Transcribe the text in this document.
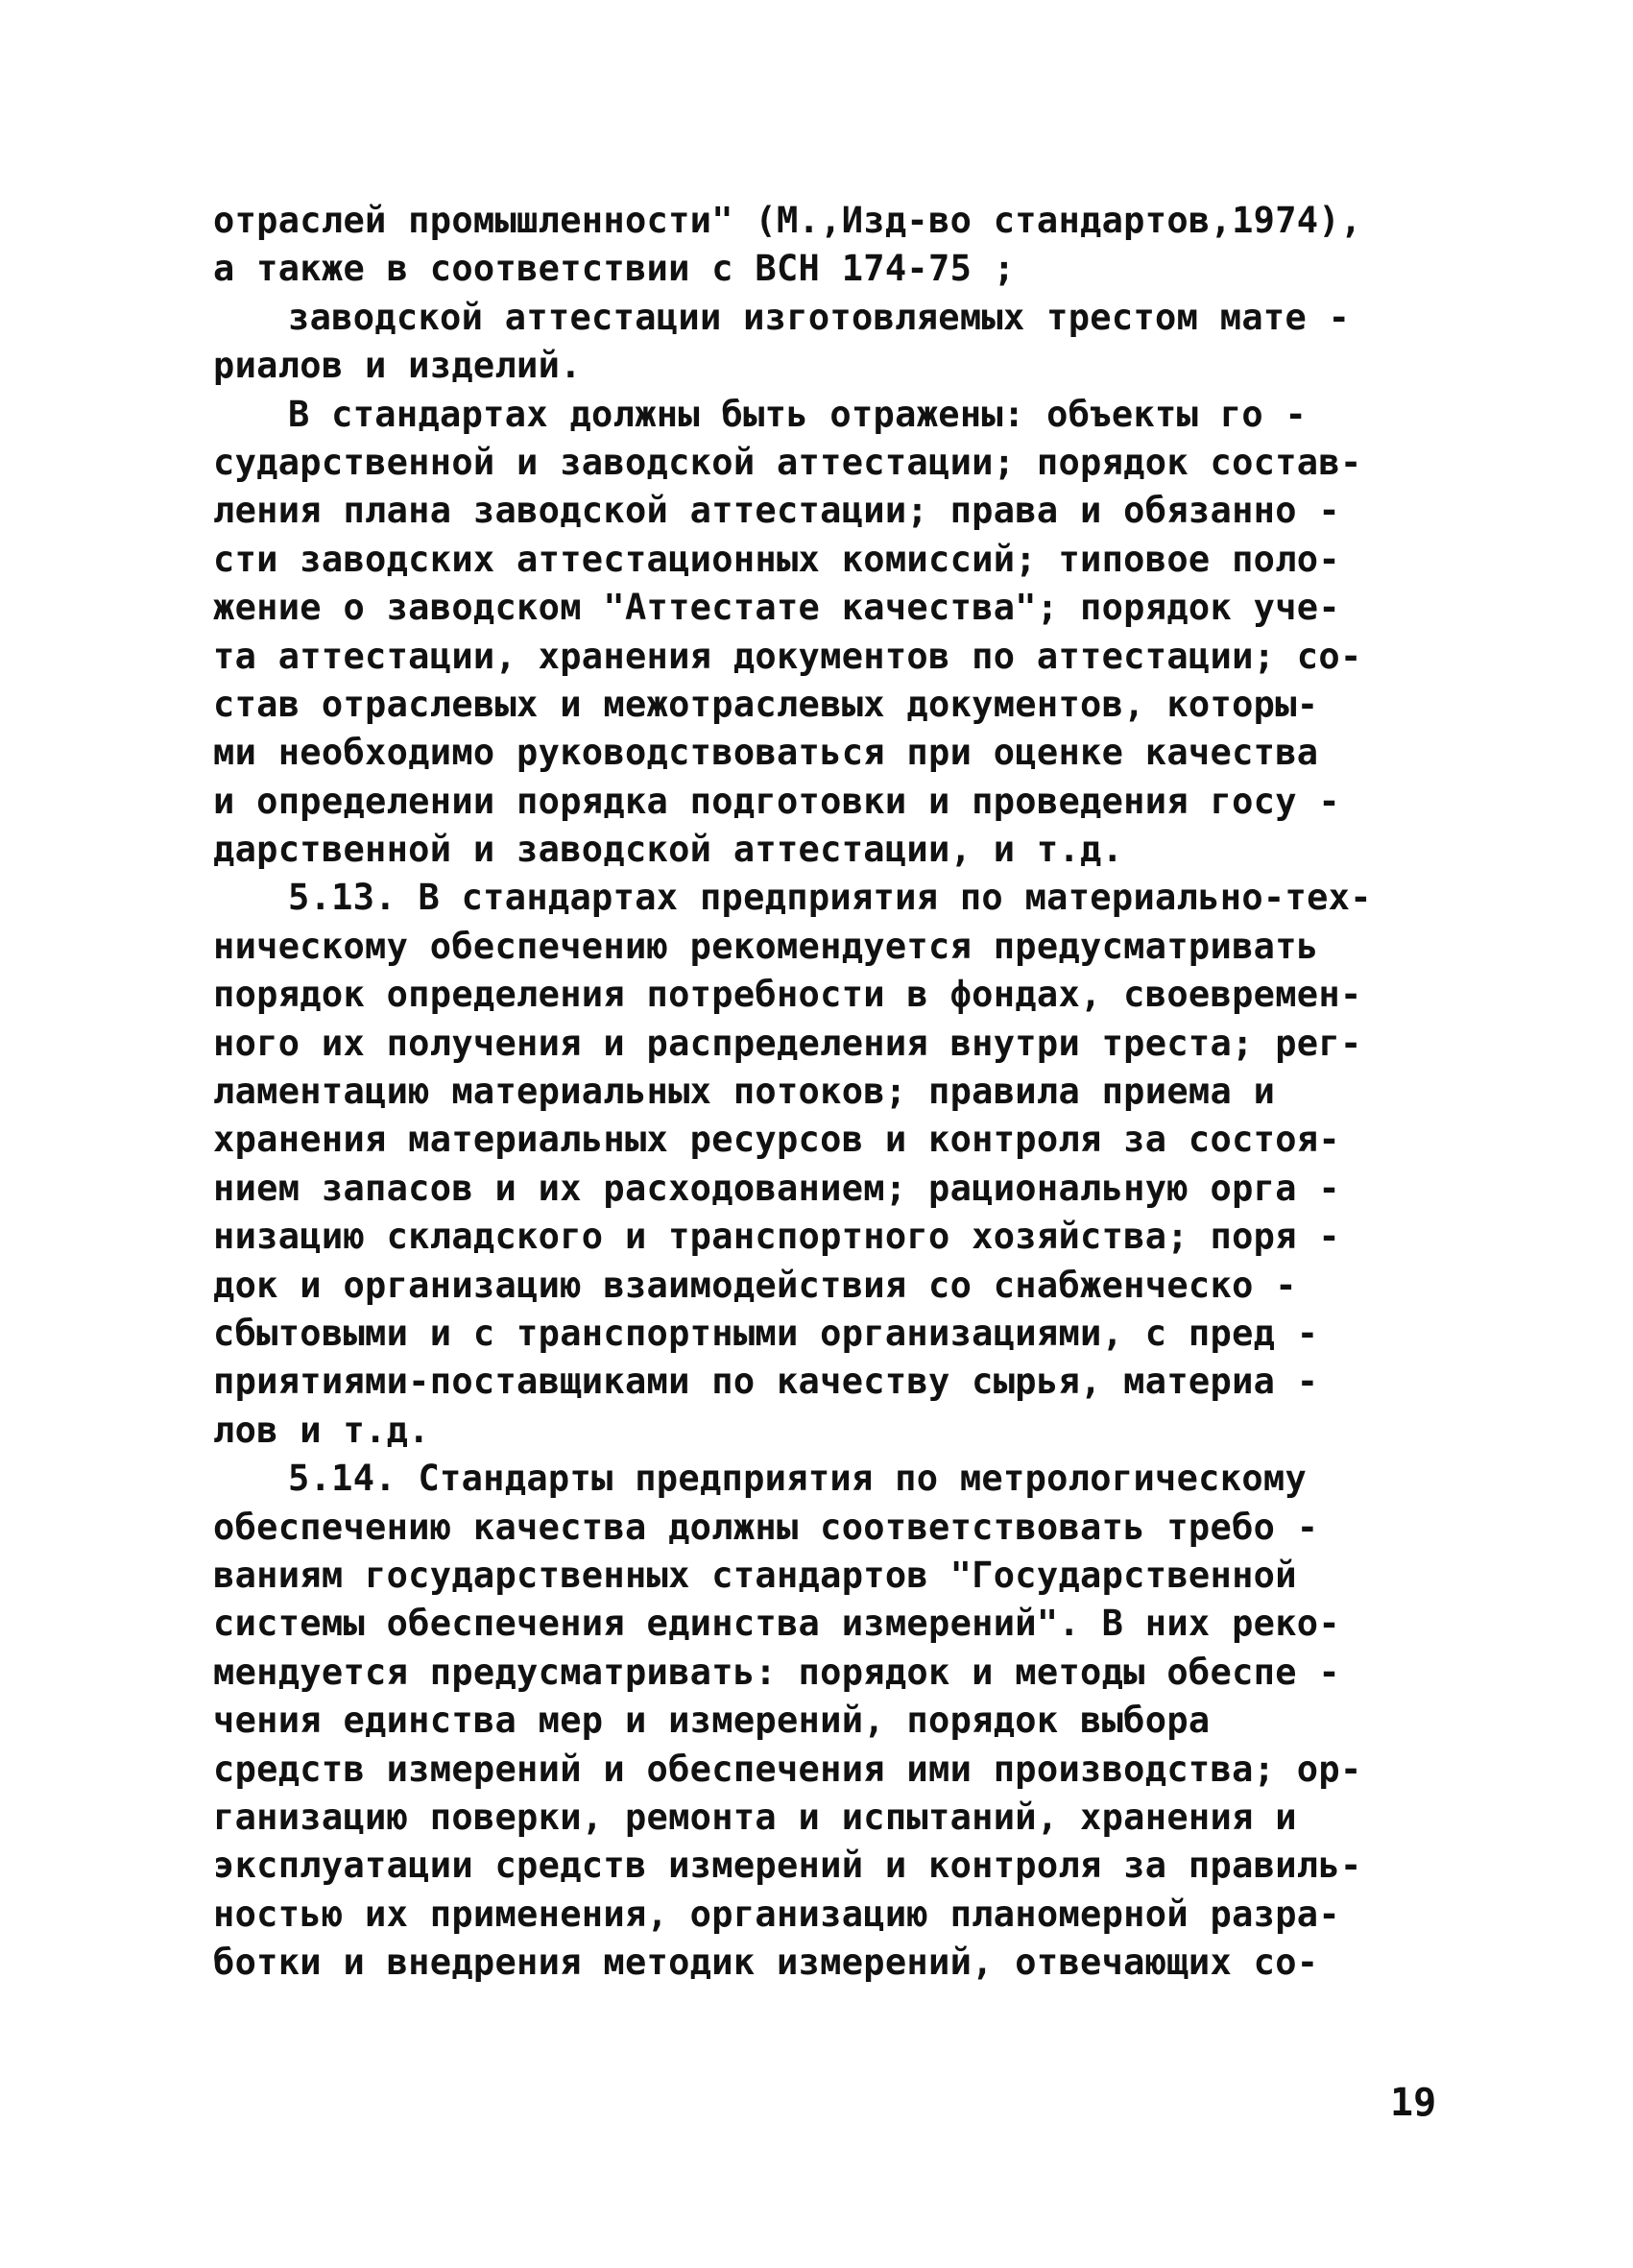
отраслей промышленности" (М.,Изд-во стандартов,1974),
а также в соответствии с ВСН 174-75 ;
заводской аттестации изготовляемых трестом мате -
риалов и изделий.
В стандартах должны быть отражены: объекты го -
сударственной и заводской аттестации; порядок состав-
ления плана заводской аттестации; права и обязанно -
сти заводских аттестационных комиссий; типовое поло-
жение о заводском "Аттестате качества"; порядок уче-
та аттестации, хранения документов по аттестации; со-
став отраслевых и межотраслевых документов, которы-
ми необходимо руководствоваться при оценке качества
и определении порядка подготовки и проведения госу -
дарственной и заводской аттестации, и т.д.
5.13. В стандартах предприятия по материально-тех-
ническому обеспечению рекомендуется предусматривать
порядок определения потребности в фондах, своевремен-
ного их получения и распределения внутри треста; рег-
ламентацию материальных потоков; правила приема и
хранения материальных ресурсов и контроля за состоя-
нием запасов и их расходованием; рациональную орга -
низацию складского и транспортного хозяйства; поря -
док и организацию взаимодействия со снабженческо -
сбытовыми и с транспортными организациями, с пред -
приятиями-поставщиками по качеству сырья, материа -
лов и т.д.
5.14. Стандарты предприятия по метрологическому
обеспечению качества должны соответствовать требо -
ваниям государственных стандартов "Государственной
системы обеспечения единства измерений". В них реко-
мендуется предусматривать: порядок и методы обеспе -
чения единства мер и измерений, порядок выбора
средств измерений и обеспечения ими производства; ор-
ганизацию поверки, ремонта и испытаний, хранения и
эксплуатации средств измерений и контроля за правиль-
ностью их применения, организацию планомерной разра-
ботки и внедрения методик измерений, отвечающих со-
19
